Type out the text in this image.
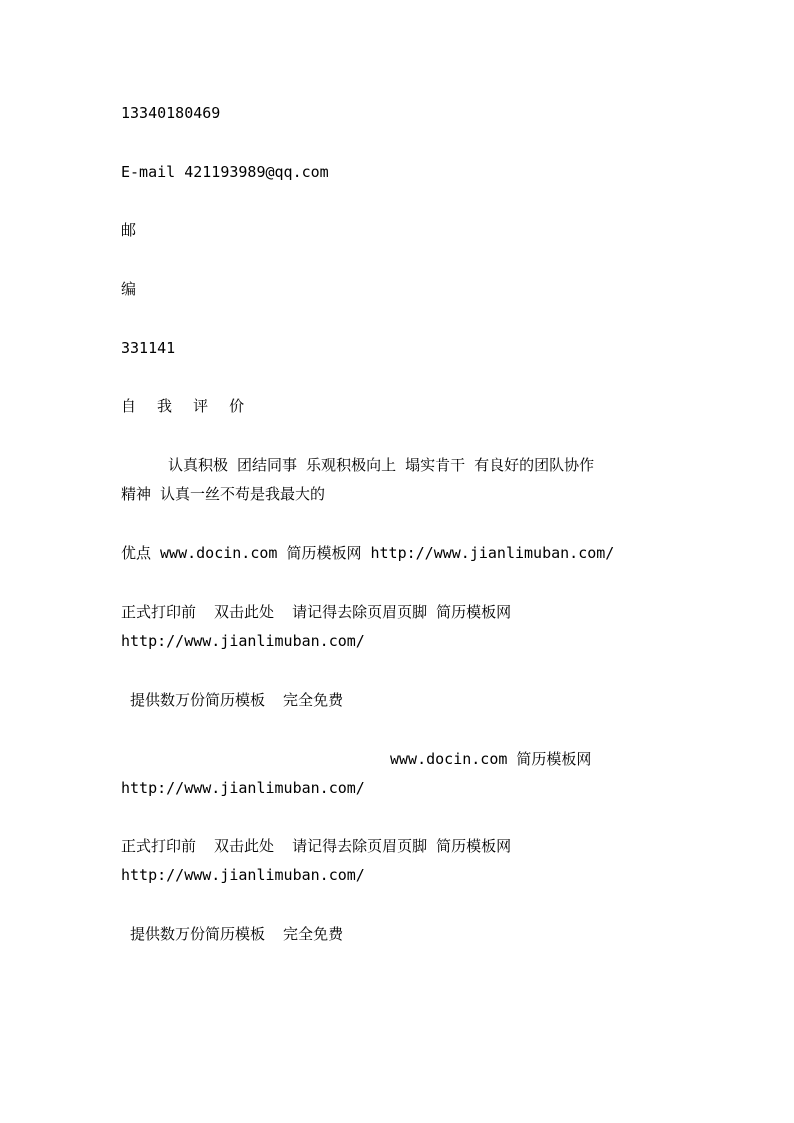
13340180469
E-mail 421193989@qq.com
邮
编
331141
自  我  评  价
认真积极 团结同事 乐观积极向上 塌实肯干 有良好的团队协作
精神 认真一丝不苟是我最大的
优点 www.docin.com 简历模板网 http://www.jianlimuban.com/
正式打印前  双击此处  请记得去除页眉页脚 简历模板网
http://www.jianlimuban.com/
提供数万份简历模板  完全免费
www.docin.com 简历模板网
http://www.jianlimuban.com/
正式打印前  双击此处  请记得去除页眉页脚 简历模板网
http://www.jianlimuban.com/
提供数万份简历模板  完全免费
